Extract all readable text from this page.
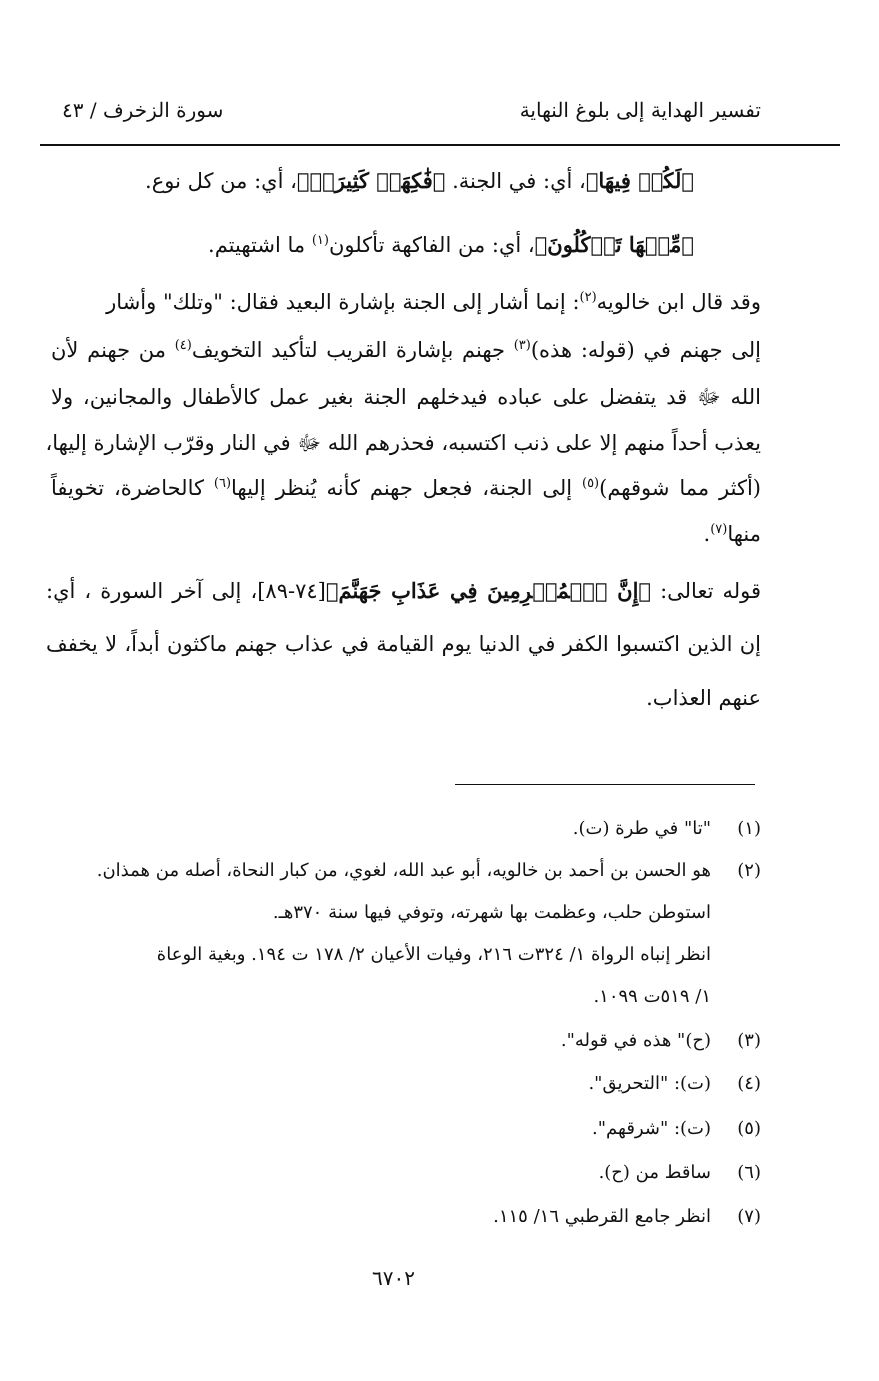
تفسير الهداية إلى بلوغ النهاية
سورة الزخرف / ٤٣
﴿لَكُمۡ فِيهَا﴾، أي: في الجنة. ﴿فَٰكِهَةٞ كَثِيرَةٞ﴾، أي: من كل نوع.
﴿مِّنۡهَا تَأۡكُلُونَ﴾، أي: من الفاكهة تأكلون$^{(١)}$ ما اشتهيتم.
وقد قال ابن خالويه$^{(٢)}$: إنما أشار إلى الجنة بإشارة البعيد فقال: "وتلك" وأشار
إلى جهنم في (قوله: هذه)$^{(٣)}$ جهنم بإشارة القريب لتأكيد التخويف$^{(٤)}$ من جهنم لأن
الله ﷻ قد يتفضل على عباده فيدخلهم الجنة بغير عمل كالأطفال والمجانين، ولا
يعذب أحداً منهم إلا على ذنب اكتسبه، فحذرهم الله ﷻ في النار وقرّب الإشارة إليها،
(أكثر مما شوقهم)$^{(٥)}$ إلى الجنة، فجعل جهنم كأنه يُنظر إليها$^{(٦)}$ كالحاضرة، تخويفاً
منها$^{(٧)}$.
قوله تعالى: ﴿إِنَّ ٱلۡمُجۡرِمِينَ فِي عَذَابِ جَهَنَّمَ﴾[٧٤-٨٩]، إلى آخر السورة ، أي:
إن الذين اكتسبوا الكفر في الدنيا يوم القيامة في عذاب جهنم ماكثون أبداً، لا يخفف
عنهم العذاب.
(١)"تا" في طرة (ت).
(٢)هو الحسن بن أحمد بن خالويه، أبو عبد الله، لغوي، من كبار النحاة، أصله من همذان.
استوطن حلب، وعظمت بها شهرته، وتوفي فيها سنة ٣٧٠هـ.
انظر إنباه الرواة ١/ ٣٢٤ت ٢١٦، وفيات الأعيان ٢/ ١٧٨ ت ١٩٤. وبغية الوعاة
١/ ٥١٩ت ١٠٩٩.
(٣)(ح)" هذه في قوله".
(٤)(ت): "التحريق".
(٥)(ت): "شرقهم".
(٦)ساقط من (ح).
(٧)انظر جامع القرطبي ١٦/ ١١٥.
٦٧٠٢
